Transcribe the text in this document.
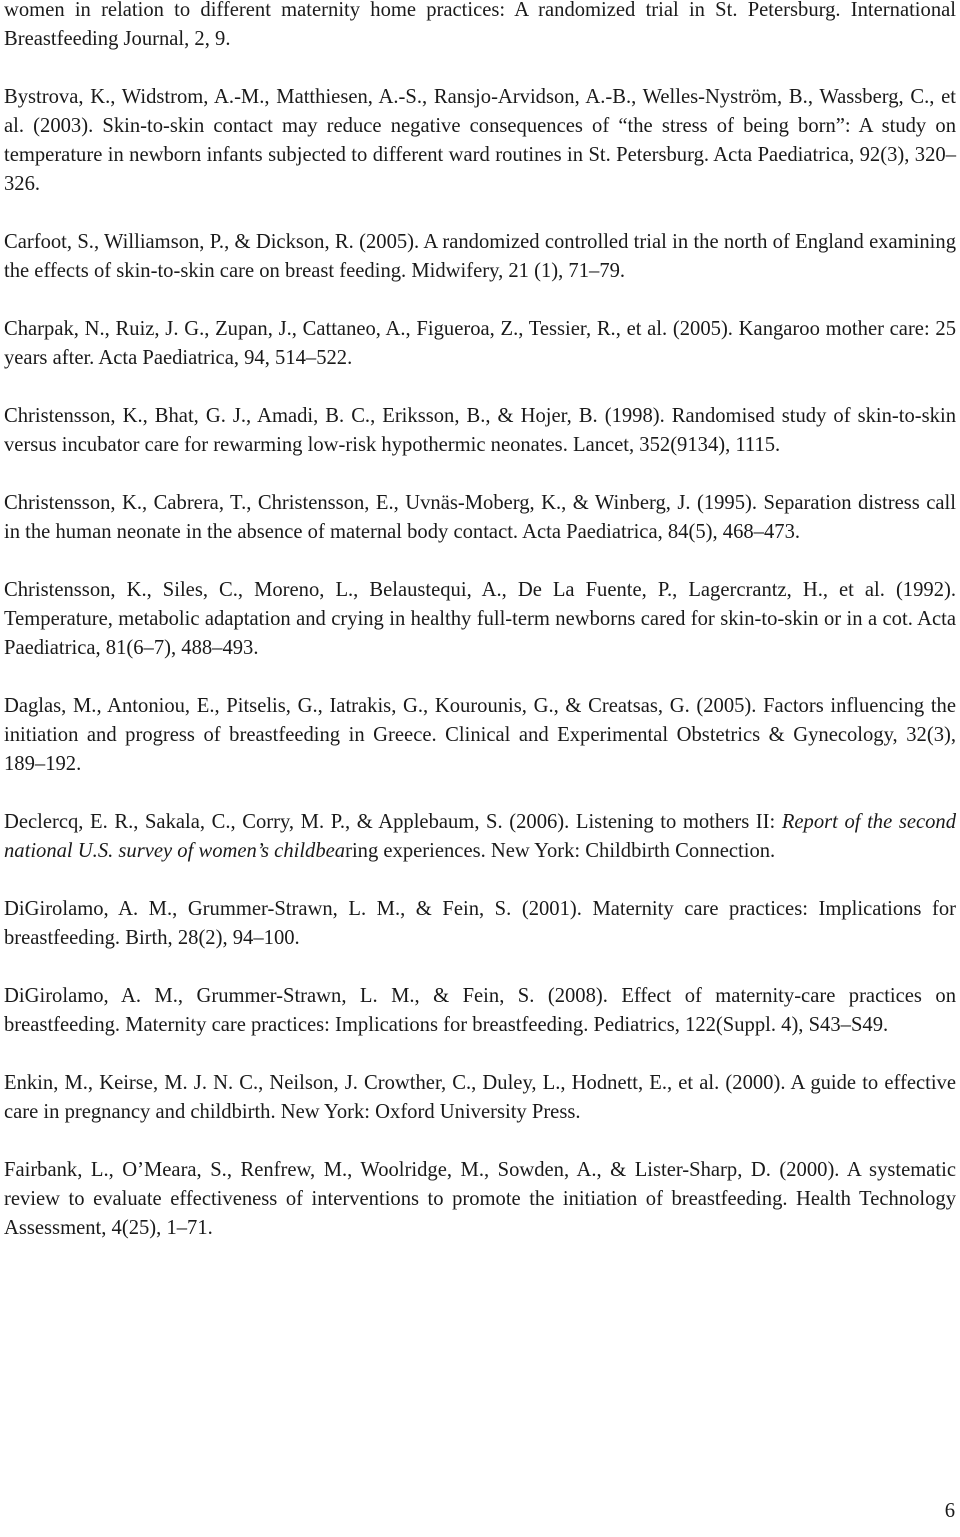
women in relation to different maternity home practices: A randomized trial in St. Petersburg. International Breastfeeding Journal, 2, 9.

Bystrova, K., Widstrom, A.-M., Matthiesen, A.-S., Ransjo-Arvidson, A.-B., Welles-Nyström, B., Wassberg, C., et al. (2003). Skin-to-skin contact may reduce negative consequences of “the stress of being born”: A study on temperature in newborn infants subjected to different ward routines in St. Petersburg. Acta Paediatrica, 92(3), 320–326.

Carfoot, S., Williamson, P., & Dickson, R. (2005). A randomized controlled trial in the north of England examining the effects of skin-to-skin care on breast feeding. Midwifery, 21 (1), 71–79.

Charpak, N., Ruiz, J. G., Zupan, J., Cattaneo, A., Figueroa, Z., Tessier, R., et al. (2005). Kangaroo mother care: 25 years after. Acta Paediatrica, 94, 514–522.

Christensson, K., Bhat, G. J., Amadi, B. C., Eriksson, B., & Hojer, B. (1998). Randomised study of skin-to-skin versus incubator care for rewarming low-risk hypothermic neonates. Lancet, 352(9134), 1115.

Christensson, K., Cabrera, T., Christensson, E., Uvnäs-Moberg, K., & Winberg, J. (1995). Separation distress call in the human neonate in the absence of maternal body contact. Acta Paediatrica, 84(5), 468–473.

Christensson, K., Siles, C., Moreno, L., Belaustequi, A., De La Fuente, P., Lagercrantz, H., et al. (1992). Temperature, metabolic adaptation and crying in healthy full-term newborns cared for skin-to-skin or in a cot. Acta Paediatrica, 81(6–7), 488–493.

Daglas, M., Antoniou, E., Pitselis, G., Iatrakis, G., Kourounis, G., & Creatsas, G. (2005). Factors influencing the initiation and progress of breastfeeding in Greece. Clinical and Experimental Obstetrics & Gynecology, 32(3), 189–192.

Declercq, E. R., Sakala, C., Corry, M. P., & Applebaum, S. (2006). Listening to mothers II: Report of the second national U.S. survey of women’s childbearing experiences. New York: Childbirth Connection.

DiGirolamo, A. M., Grummer-Strawn, L. M., & Fein, S. (2001). Maternity care practices: Implications for breastfeeding. Birth, 28(2), 94–100.

DiGirolamo, A. M., Grummer-Strawn, L. M., & Fein, S. (2008). Effect of maternity-care practices on breastfeeding. Maternity care practices: Implications for breastfeeding. Pediatrics, 122(Suppl. 4), S43–S49.

Enkin, M., Keirse, M. J. N. C., Neilson, J. Crowther, C., Duley, L., Hodnett, E., et al. (2000). A guide to effective care in pregnancy and childbirth. New York: Oxford University Press.

Fairbank, L., O’Meara, S., Renfrew, M., Woolridge, M., Sowden, A., & Lister-Sharp, D. (2000). A systematic review to evaluate effectiveness of interventions to promote the initiation of breastfeeding. Health Technology Assessment, 4(25), 1–71.

6
